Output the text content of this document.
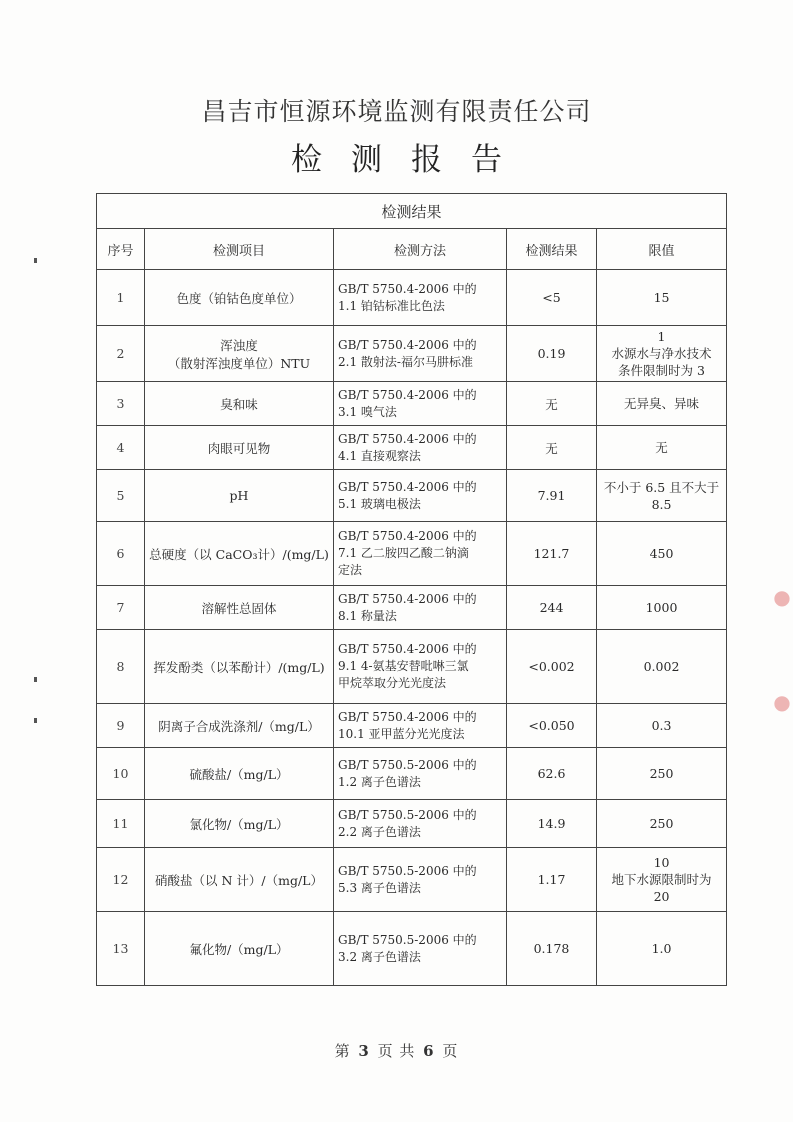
●
●
昌吉市恒源环境监测有限责任公司
检测报告
检测结果				
序号	检测项目	检测方法	检测结果	限值
1	色度（铂钴色度单位）	GB/T 5750.4-2006 中的
1.1 铂钴标准比色法	<5	15

2	浑浊度
（散射浑浊度单位）NTU	GB/T 5750.4-2006 中的
2.1 散射法-福尔马肼标准	0.19	1
水源水与净水技术
条件限制时为 3

3	臭和味	GB/T 5750.4-2006 中的
3.1 嗅气法	无	无异臭、异味

4	肉眼可见物	GB/T 5750.4-2006 中的
4.1 直接观察法	无	无

5	pH	GB/T 5750.4-2006 中的
5.1 玻璃电极法	7.91	不小于 6.5 且不大于
8.5

6	总硬度（以 CaCO₃计）/(mg/L)	GB/T 5750.4-2006 中的
7.1 乙二胺四乙酸二钠滴
定法	121.7	450

7	溶解性总固体	GB/T 5750.4-2006 中的
8.1 称量法	244	1000

8	挥发酚类（以苯酚计）/(mg/L)	GB/T 5750.4-2006 中的
9.1 4-氨基安替吡啉三氯
甲烷萃取分光光度法	<0.002	0.002

9	阴离子合成洗涤剂/（mg/L）	GB/T 5750.4-2006 中的
10.1 亚甲蓝分光光度法	<0.050	0.3

10	硫酸盐/（mg/L）	GB/T 5750.5-2006 中的
1.2 离子色谱法	62.6	250

11	氯化物/（mg/L）	GB/T 5750.5-2006 中的
2.2 离子色谱法	14.9	250

12	硝酸盐（以 N 计）/（mg/L）	GB/T 5750.5-2006 中的
5.3 离子色谱法	1.17	10
地下水源限制时为
20

13	氟化物/（mg/L）	GB/T 5750.5-2006 中的
3.2 离子色谱法	0.178	1.0
第 3 页 共 6 页
